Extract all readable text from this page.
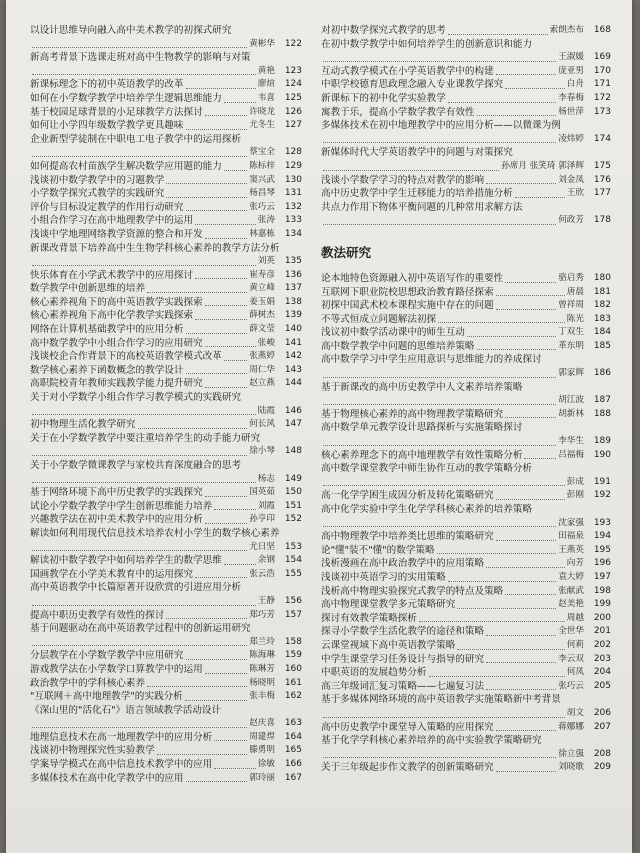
以设计思维导向融入高中美术教学的初探式研究
黄彬华	122
新高考背景下选课走班对高中生物教学的影响与对策
黄艳	123
新课标理念下的初中英语教学的改革	廖煊	124
如何在小学数学教学中培养学生逻辑思维能力	韦喜	125
基于校园足球背景的小足球教学方法探讨	许晓龙	126
如何让小学四年级数学教学更具趣味	尤冬生	127
企业新型学徒制在中职电工电子教学中的运用探析
蔡宝全	128
如何提高农村苗族学生解决数学应用题的能力	陈标梓	129
浅谈初中数学教学中的习题教学	窦兴武	130
小学数学探究式教学的实践研究	杨昌琴	131
评价与目标设定教学的作用行动研究	张巧云	132
小组合作学习在高中地理教学中的运用	张涛	133
浅谈中学地理网络教学资源的整合和开发	林嘉栋	134
新课改背景下培养高中生生物学科核心素养的教学方法分析
刘英	135
快乐体育在小学武术教学中的应用探讨	崔寿彦	136
数学教学中创新思维的培养	黄立峰	137
核心素养视角下的高中英语教学实践探索	姜玉娟	138
核心素养视角下高中化学教学实践探索	薛树杰	139
网络在计算机基础教学中的应用分析	薛文莹	140
高中数学教学中小组合作学习的应用研究	张峻	141
浅谈校企合作背景下的高校英语教学模式改革	张燕婷	142
数学核心素养下函数概念的教学设计	周仁华	143
高职院校青年教师实践教学能力提升研究	赵立燕	144
关于对小学数学小组合作学习教学模式的实践研究
陆霞	146
初中物理生活化教学研究	何长风	147
关于在小学数学教学中要注重培养学生的动手能力研究
徐小琴	148
关于小学数学微课教学与家校共育深度融合的思考
杨志	149
基于网络环境下高中历史教学的实践探究	国英茹	150
试论小学数学教学中学生创新思维能力培养	刘霞	151
兴趣教学法在初中美术教学中的应用分析	孙亨印	152
解读如何利用现代信息技术培养农村小学生的数学核心素养
尤日坚	153
解读初中数学教学中如何培养学生的数学思维	余钢	154
国画教学在小学美术教育中的运用探究	张云浩	155
高中英语教学中长篇原著开设欣赏的引进应用分析
王静	156
提高中职历史教学有效性的探讨	郑巧芳	157
基于问题驱动在高中英语教学过程中的创新运用研究
郑兰玲	158
分层教学在小学数学教学中应用研究	陈海琳	159
游戏教学法在小学数学口算教学中的运用	陈琳芳	160
政治教学中的学科核心素养	杨晓明	161
"互联网＋高中地理教学"的实践分析	张丰梅	162
《深山里的"活化石"》语言领域教学活动设计
赵庆喜	163
地理信息技术在高一地理教学中的应用分析	周建焊	164
浅谈初中物理探究性实验教学	滕勇明	165
学案导学模式在高中信息技术教学中的应用	徐敏	166
多媒体技术在高中化学教学中的应用	郭玲丽	167
对初中数学探究式教学的思考	索朗杰布	168
在初中数学教学中如何培养学生的创新意识和能力
王淑媛	169
互动式教学模式在小学英语教学中的构建	庞亚男	170
中职学校德育思政理念融入专业课教学探究	白舟	171
新课标下的初中化学实验教学	李春梅	172
寓教于乐，提高小学数学教学有效性	杨世萍	173
多媒体技术在初中地理教学中的应用分析——以微课为例
凌炜婷	174
新媒体时代大学英语教学中的问题与对策探究
孙席月 张笑琦 郭泽辉	175
浅谈小学数学学习的特点对教学的影响	刘金凤	176
高中历史教学中学生迁移能力的培养措施分析	王欣	177
共点力作用下物体平衡问题的几种常用求解方法
何政芳	178
教法研究
论本地特色资源融入初中英语写作的重要性	骆启秀	180
互联网下职业院校思想政治教育路径探索	唐晨	181
初探中国武术校本课程实施中存在的问题	曾祥周	182
不等式恒成立问题解法初探	陈光	183
浅议初中数学活动课中的师生互动	丁双生	184
高中数学教学中问题的思维培养策略	革东明	185
高中数学学习中学生应用意识与思维能力的养成探讨
郭家辉	186
基于新课改的高中历史教学中人文素养培养策略
胡江波	187
基于物理核心素养的高中物理教学策略研究	胡新林	188
高中数学单元教学设计思路探析与实施策略探讨
李华生	189
核心素养理念下的高中地理教学有效性策略分析	吕福梅	190
高中数学课堂教学中师生协作互动的教学策略分析
彭成	191
高一化学学困生成因分析及转化策略研究	彭刚	192
高中化学实验中学生化学学科核心素养的培养策略
沈家强	193
高中物理教学中培养类比思维的策略研究	田福泉	194
论"懂"装不"懂"的数学策略	王燕英	195
浅析漫画在高中政治教学中的应用策略	向芳	196
浅谈初中英语学习的实用策略	袁大婷	197
浅析高中物理实验探究式教学的特点及策略	张献武	198
高中物理课堂教学多元策略研究	赵美艳	199
探讨有效教学策略探析	周越	200
探寻小学数学生活化教学的途径和策略	全世华	201
云课堂视域下高中英语教学策略	何莉	202
中学生课堂学习任务设计与指导的研究	李云双	203
中职英语的发展趋势分析	何凤	204
高三年级词汇复习策略——七遍复习法	张巧云	205
基于多媒体网络环境的高中英语教学实施策略新中考背景
胡文	206
高中历史教学中课堂导入策略的应用探究	蒋娜娜	207
基于化学学科核心素养培养的高中实验教学策略研究
徐立强	208
关于三年级起步作文教学的创新策略研究	刘晓歌	209
